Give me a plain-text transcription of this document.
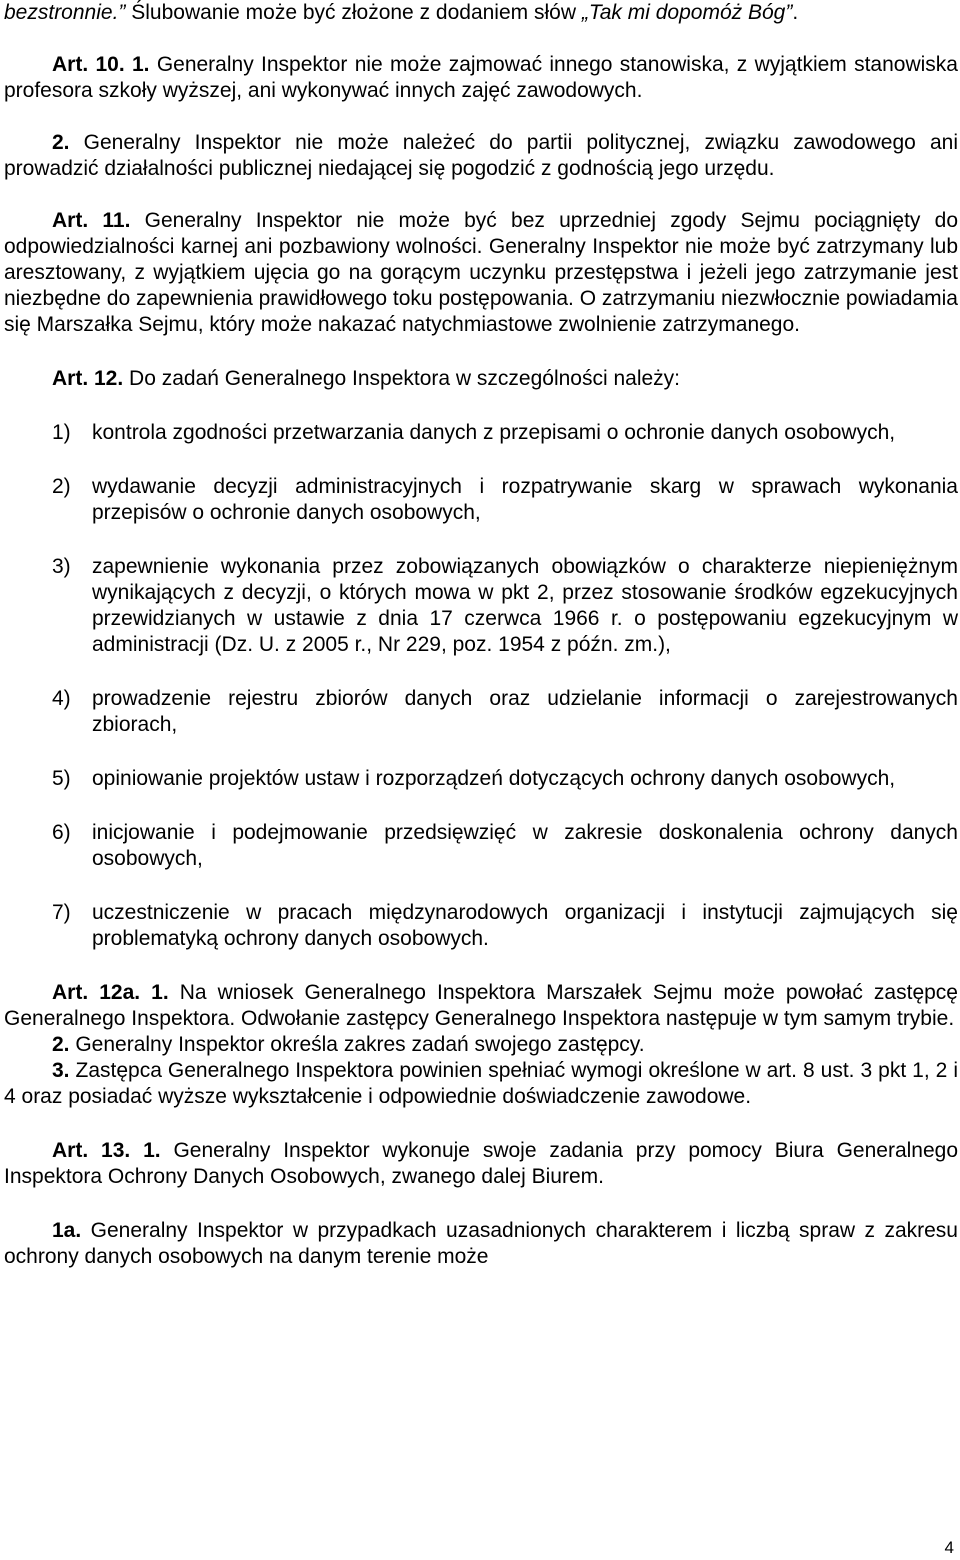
bezstronnie.” Ślubowanie może być złożone z dodaniem słów „Tak mi dopomóż Bóg”.

Art. 10. 1. Generalny Inspektor nie może zajmować innego stanowiska, z wyjątkiem stanowiska profesora szkoły wyższej, ani wykonywać innych zajęć zawodowych.

2. Generalny Inspektor nie może należeć do partii politycznej, związku zawodowego ani prowadzić działalności publicznej niedającej się pogodzić z godnością jego urzędu.

Art. 11. Generalny Inspektor nie może być bez uprzedniej zgody Sejmu pociągnięty do odpowiedzialności karnej ani pozbawiony wolności. Generalny Inspektor nie może być zatrzymany lub aresztowany, z wyjątkiem ujęcia go na gorącym uczynku przestępstwa i jeżeli jego zatrzymanie jest niezbędne do zapewnienia prawidłowego toku postępowania. O zatrzymaniu niezwłocznie powiadamia się Marszałka Sejmu, który może nakazać natychmiastowe zwolnienie zatrzymanego.

Art. 12. Do zadań Generalnego Inspektora w szczególności należy:

1)	kontrola zgodności przetwarzania danych z przepisami o ochronie danych osobowych,
2)	wydawanie decyzji administracyjnych i rozpatrywanie skarg w sprawach wykonania przepisów o ochronie danych osobowych,
3)	zapewnienie wykonania przez zobowiązanych obowiązków o charakterze niepieniężnym wynikających z decyzji, o których mowa w pkt 2, przez stosowanie środków egzekucyjnych przewidzianych w ustawie z dnia 17 czerwca 1966 r. o postępowaniu egzekucyjnym w administracji (Dz. U. z 2005 r., Nr 229, poz. 1954 z późn. zm.),
4)	prowadzenie rejestru zbiorów danych oraz udzielanie informacji o zarejestrowanych zbiorach,
5)	opiniowanie projektów ustaw i rozporządzeń dotyczących ochrony danych osobowych,
6)	inicjowanie i podejmowanie przedsięwzięć w zakresie doskonalenia ochrony danych osobowych,
7)	uczestniczenie w pracach międzynarodowych organizacji i instytucji zajmujących się problematyką ochrony danych osobowych.

Art. 12a. 1. Na wniosek Generalnego Inspektora Marszałek Sejmu może powołać zastępcę Generalnego Inspektora. Odwołanie zastępcy Generalnego Inspektora następuje w tym samym trybie.

2. Generalny Inspektor określa zakres zadań swojego zastępcy.

3. Zastępca Generalnego Inspektora powinien spełniać wymogi określone w art. 8 ust. 3 pkt 1, 2 i 4 oraz posiadać wyższe wykształcenie i odpowiednie doświadczenie zawodowe.

Art. 13. 1. Generalny Inspektor wykonuje swoje zadania przy pomocy Biura Generalnego Inspektora Ochrony Danych Osobowych, zwanego dalej Biurem.

1a. Generalny Inspektor w przypadkach uzasadnionych charakterem i liczbą spraw z zakresu ochrony danych osobowych na danym terenie może

4
